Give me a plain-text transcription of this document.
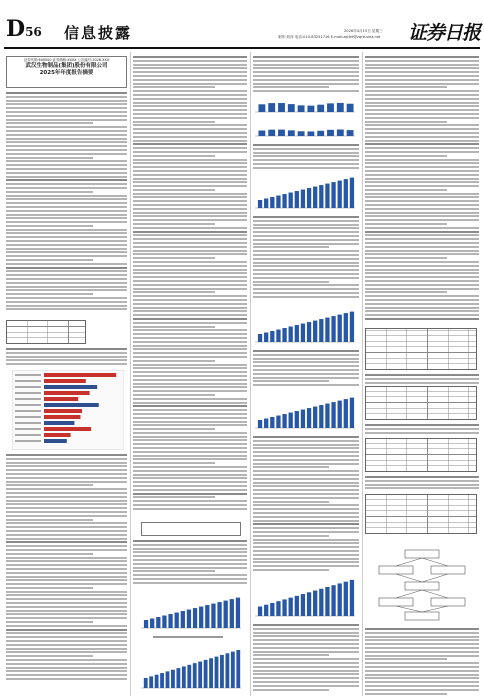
D56 信息披露	2026年4月15日 星期三
制作:刘萍 电话:010-83251716 E-mail:zqrb9@zqrb.sina.net 证券日报
证券代码:600000 证券简称:XXXX 公告编号:2026-XXX
武汉生物制品(集团)股份有限公司
2025年年度报告摘要
